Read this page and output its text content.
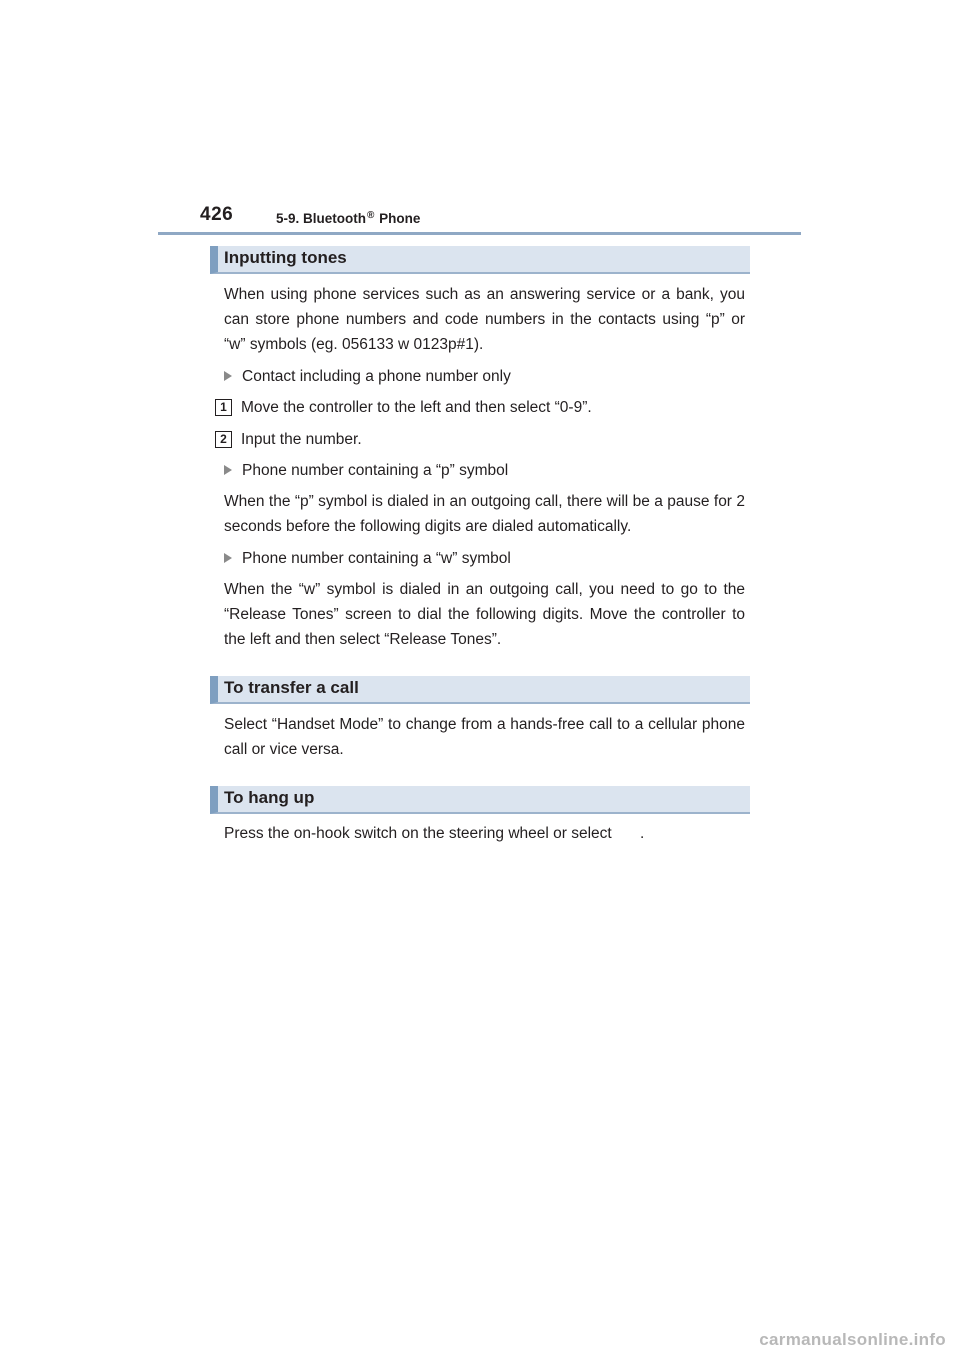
426	5-9. Bluetooth® Phone
Inputting tones

When using phone services such as an answering service or a bank, you can store phone numbers and code numbers in the contacts using “p” or “w” symbols (eg. 056133 w 0123p#1).

Contact including a phone number only
1 Move the controller to the left and then select “0-9”.
2 Input the number.
Phone number containing a “p” symbol

When the “p” symbol is dialed in an outgoing call, there will be a pause for 2 seconds before the following digits are dialed automatically.

Phone number containing a “w” symbol

When the “w” symbol is dialed in an outgoing call, you need to go to the “Release Tones” screen to dial the following digits. Move the controller to the left and then select “Release Tones”.

To transfer a call

Select “Handset Mode” to change from a hands-free call to a cellular phone call or vice versa.

To hang up

Press the on-hook switch on the steering wheel or select .

carmanualsonline.info
